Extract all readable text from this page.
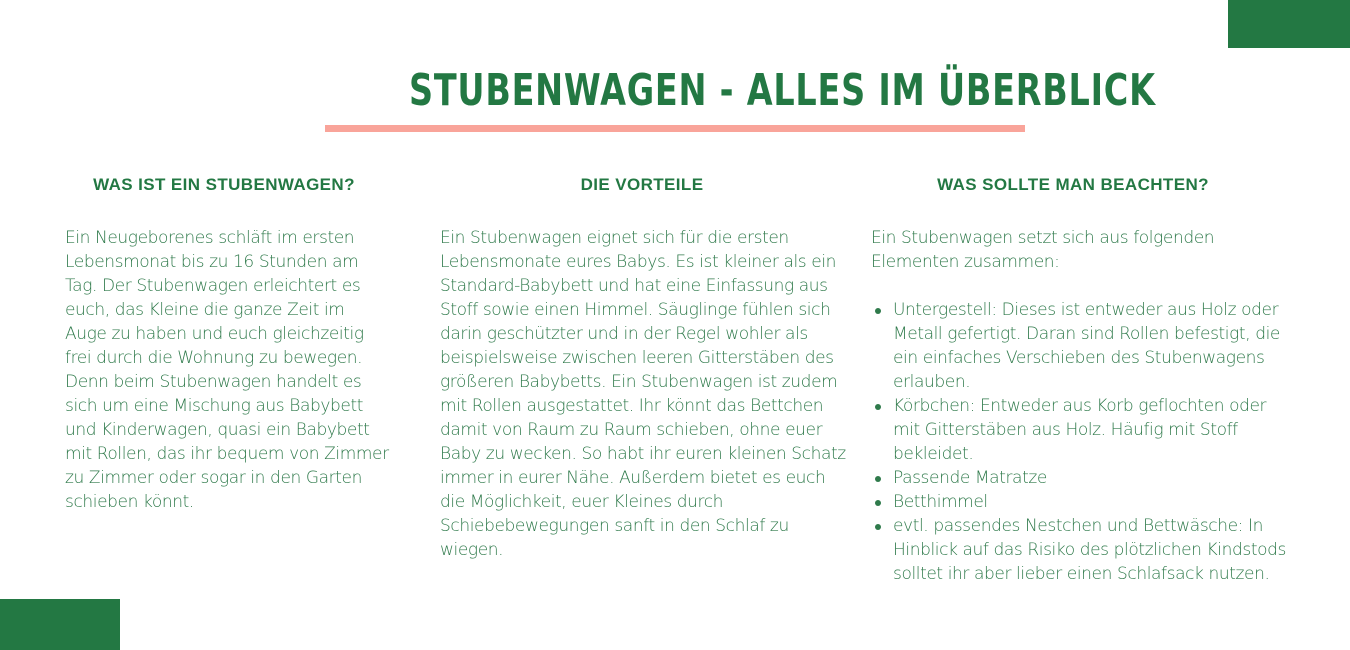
STUBENWAGEN - ALLES IM ÜBERBLICK
WAS IST EIN STUBENWAGEN?	DIE VORTEILE	WAS SOLLTE MAN BEACHTEN?

Ein Neugeborenes schläft im ersten Lebensmonat bis zu 16 Stunden am Tag. Der Stubenwagen erleichtert es euch, das Kleine die ganze Zeit im Auge zu haben und euch gleichzeitig frei durch die Wohnung zu bewegen. Denn beim Stubenwagen handelt es sich um eine Mischung aus Babybett und Kinderwagen, quasi ein Babybett mit Rollen, das ihr bequem von Zimmer zu Zimmer oder sogar in den Garten schieben könnt.

Ein Stubenwagen eignet sich für die ersten Lebensmonate eures Babys. Es ist kleiner als ein Standard-Babybett und hat eine Einfassung aus Stoff sowie einen Himmel. Säuglinge fühlen sich darin geschützter und in der Regel wohler als beispielsweise zwischen leeren Gitterstäben des größeren Babybetts. Ein Stubenwagen ist zudem mit Rollen ausgestattet. Ihr könnt das Bettchen damit von Raum zu Raum schieben, ohne euer Baby zu wecken. So habt ihr euren kleinen Schatz immer in eurer Nähe. Außerdem bietet es euch die Möglichkeit, euer Kleines durch Schiebebewegungen sanft in den Schlaf zu wiegen.

Ein Stubenwagen setzt sich aus folgenden Elementen zusammen:

Untergestell: Dieses ist entweder aus Holz oder Metall gefertigt. Daran sind Rollen befestigt, die ein einfaches Verschieben des Stubenwagens erlauben.
Körbchen: Entweder aus Korb geflochten oder mit Gitterstäben aus Holz. Häufig mit Stoff bekleidet.
Passende Matratze
Betthimmel
evtl. passendes Nestchen und Bettwäsche: In Hinblick auf das Risiko des plötzlichen Kindstods solltet ihr aber lieber einen Schlafsack nutzen.
